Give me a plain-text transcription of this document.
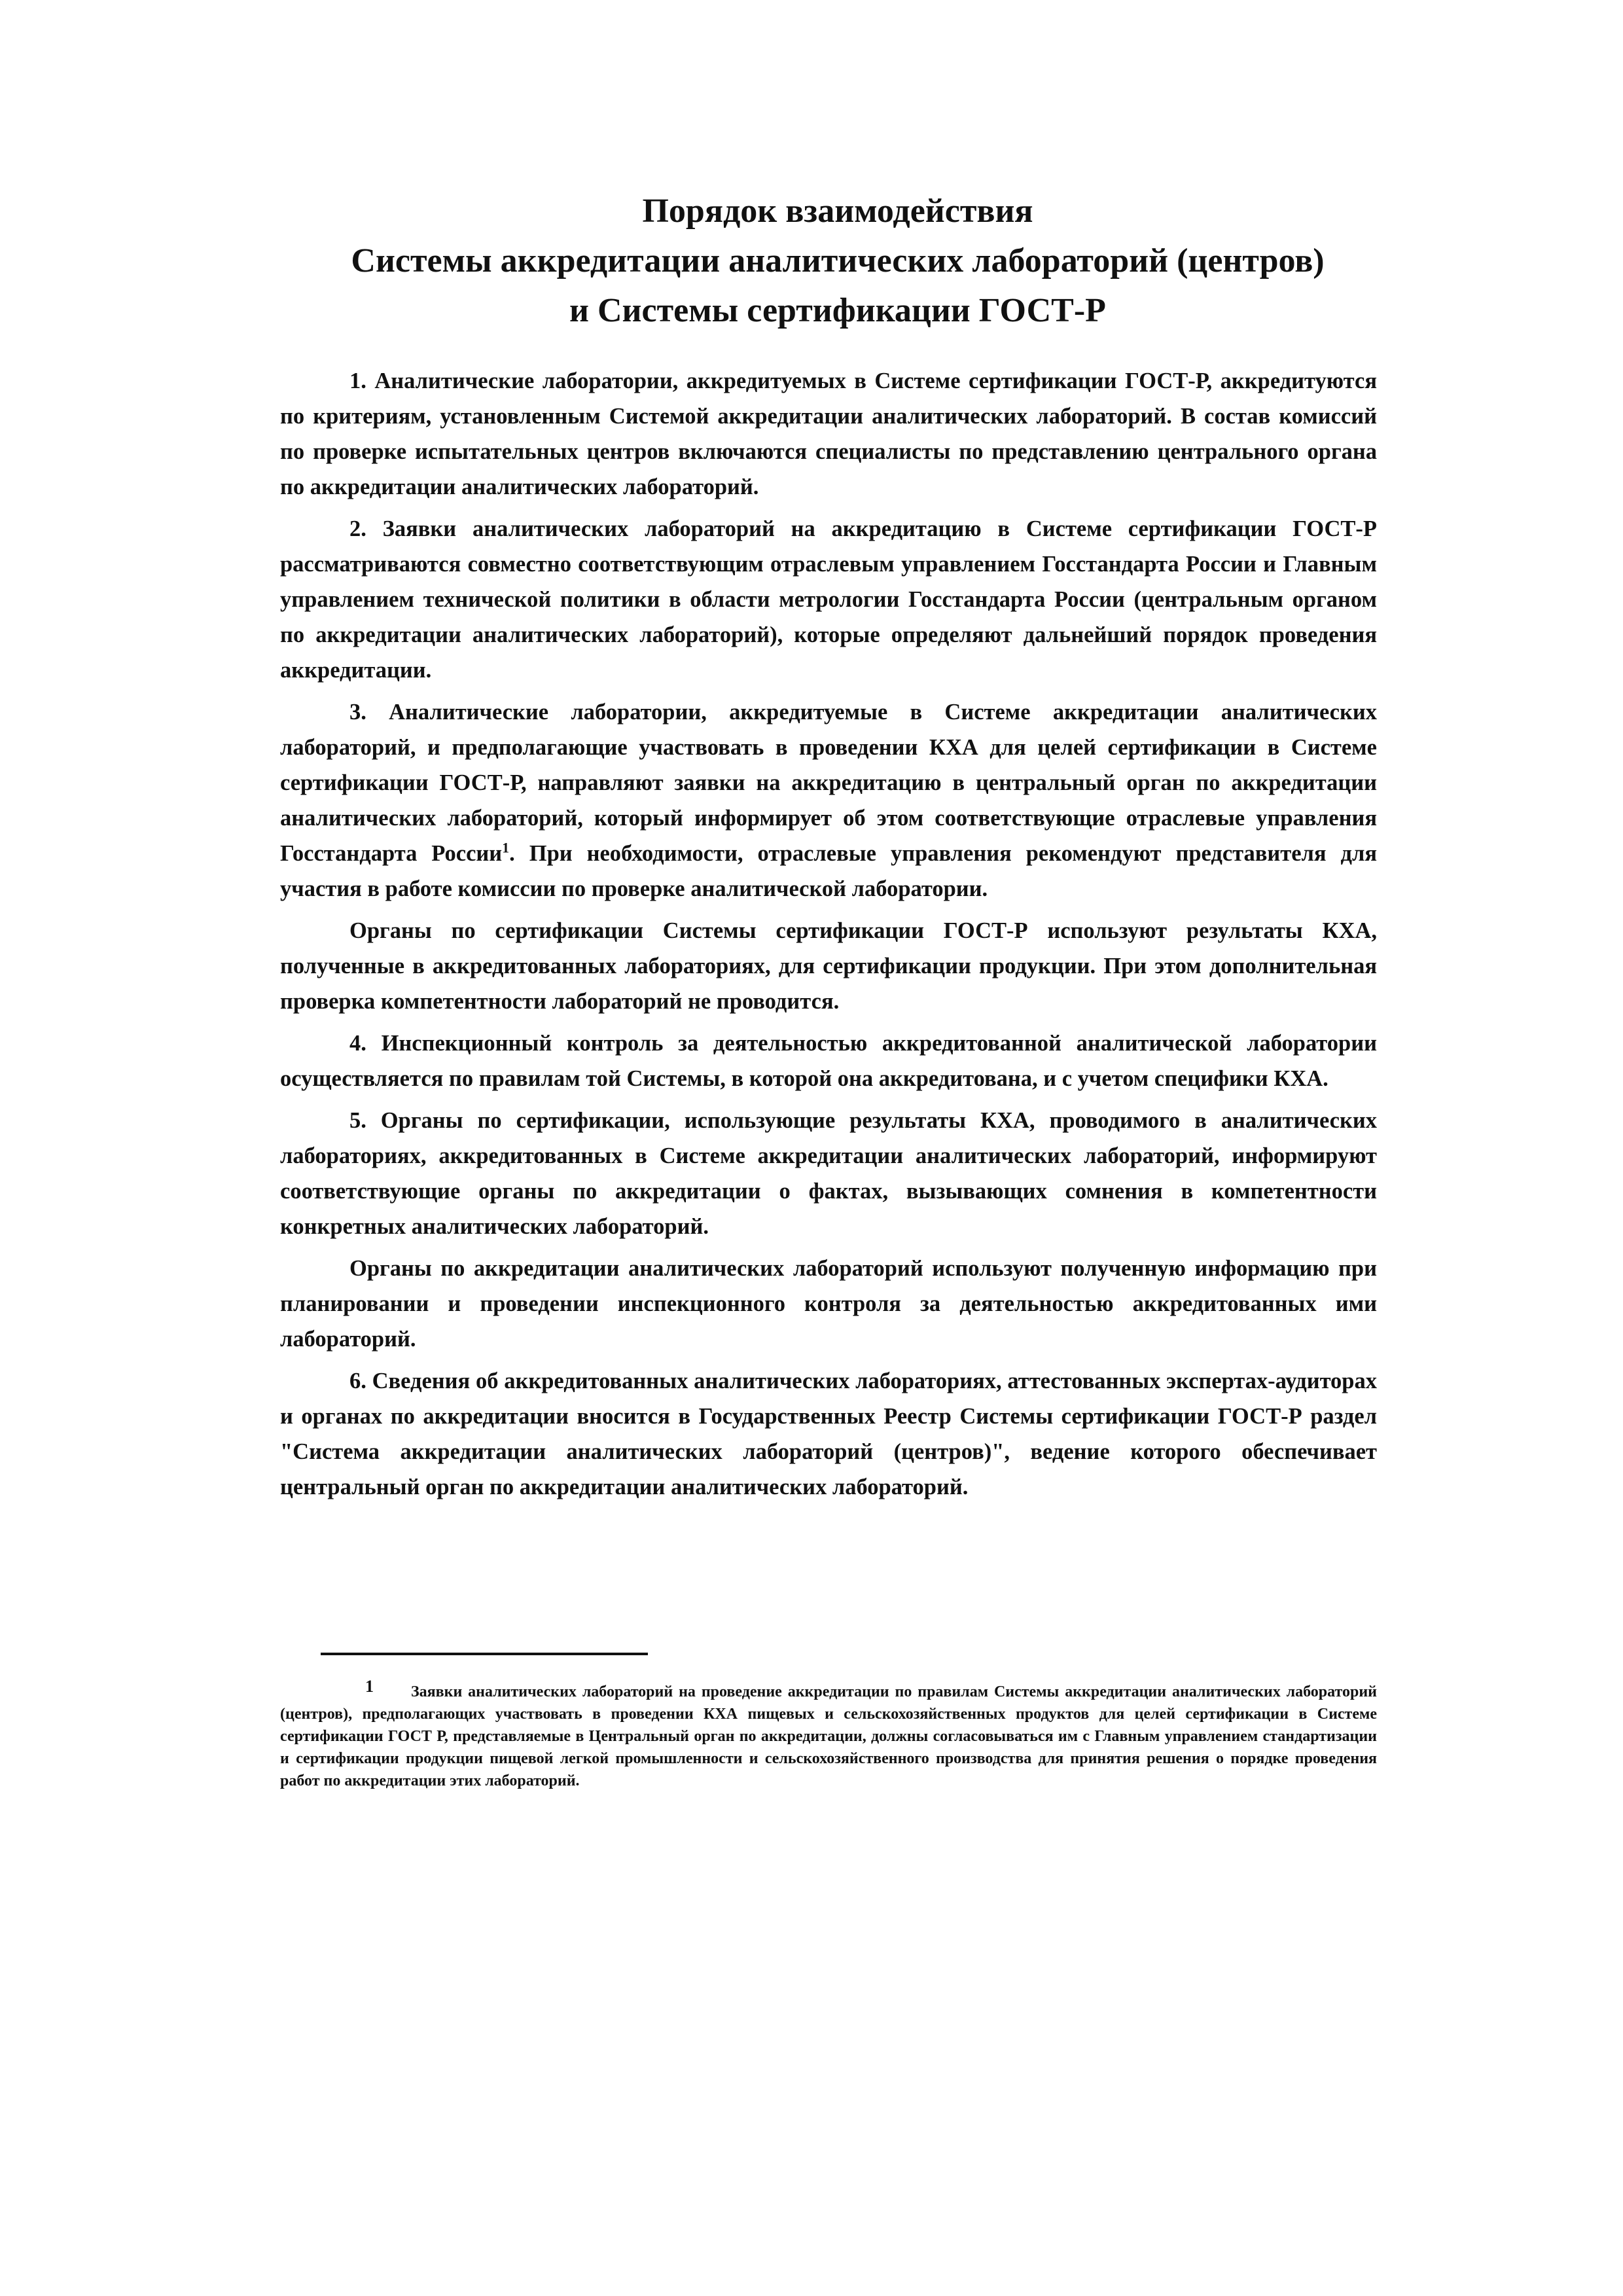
Порядок взаимодействия
Системы аккредитации аналитических лабораторий (центров)
и Системы сертификации ГОСТ-Р

1. Аналитические лаборатории, аккредитуемых в Системе сертификации ГОСТ-Р, аккредитуются по критериям, установленным Системой аккредитации аналитических лабораторий. В состав комиссий по проверке испытательных центров включаются специалисты по представлению центрального органа по аккредитации аналитических лабораторий.

2. Заявки аналитических лабораторий на аккредитацию в Системе сертификации ГОСТ-Р рассматриваются совместно соответствующим отраслевым управлением Госстандарта России и Главным управлением технической политики в области метрологии Госстандарта России (центральным органом по аккредитации аналитических лабораторий), которые определяют дальнейший порядок проведения аккредитации.

3. Аналитические лаборатории, аккредитуемые в Системе аккредитации аналитических лабораторий, и предполагающие участвовать в проведении КХА для целей сертификации в Системе сертификации ГОСТ-Р, направляют заявки на аккредитацию в центральный орган по аккредитации аналитических лабораторий, который информирует об этом соответствующие отраслевые управления Госстандарта России$^1$. При необходимости, отраслевые управления рекомендуют представителя для участия в работе комиссии по проверке аналитической лаборатории.

Органы по сертификации Системы сертификации ГОСТ-Р используют результаты КХА, полученные в аккредитованных лабораториях, для сертификации продукции. При этом дополнительная проверка компетентности лабораторий не проводится.

4. Инспекционный контроль за деятельностью аккредитованной аналитической лаборатории осуществляется по правилам той Системы, в которой она аккредитована, и с учетом специфики КХА.

5. Органы по сертификации, использующие результаты КХА, проводимого в аналитических лабораториях, аккредитованных в Системе аккредитации аналитических лабораторий, информируют соответствующие органы по аккредитации о фактах, вызывающих сомнения в компетентности конкретных аналитических лабораторий.

Органы по аккредитации аналитических лабораторий используют полученную информацию при планировании и проведении инспекционного контроля за деятельностью аккредитованных ими лабораторий.

6. Сведения об аккредитованных аналитических лабораториях, аттестованных экспертах-аудиторах и органах по аккредитации вносится в Государственных Реестр Системы сертификации ГОСТ-Р раздел "Система аккредитации аналитических лабораторий (центров)", ведение которого обеспечивает центральный орган по аккредитации аналитических лабораторий.

1 Заявки аналитических лабораторий на проведение аккредитации по правилам Системы аккредитации аналитических лабораторий (центров), предполагающих участвовать в проведении КХА пищевых и сельскохозяйственных продуктов для целей сертификации в Системе сертификации ГОСТ Р, представляемые в Центральный орган по аккредитации, должны согласовываться им с Главным управлением стандартизации и сертификации продукции пищевой легкой промышленности и сельскохозяйственного производства для принятия решения о порядке проведения работ по аккредитации этих лабораторий.
